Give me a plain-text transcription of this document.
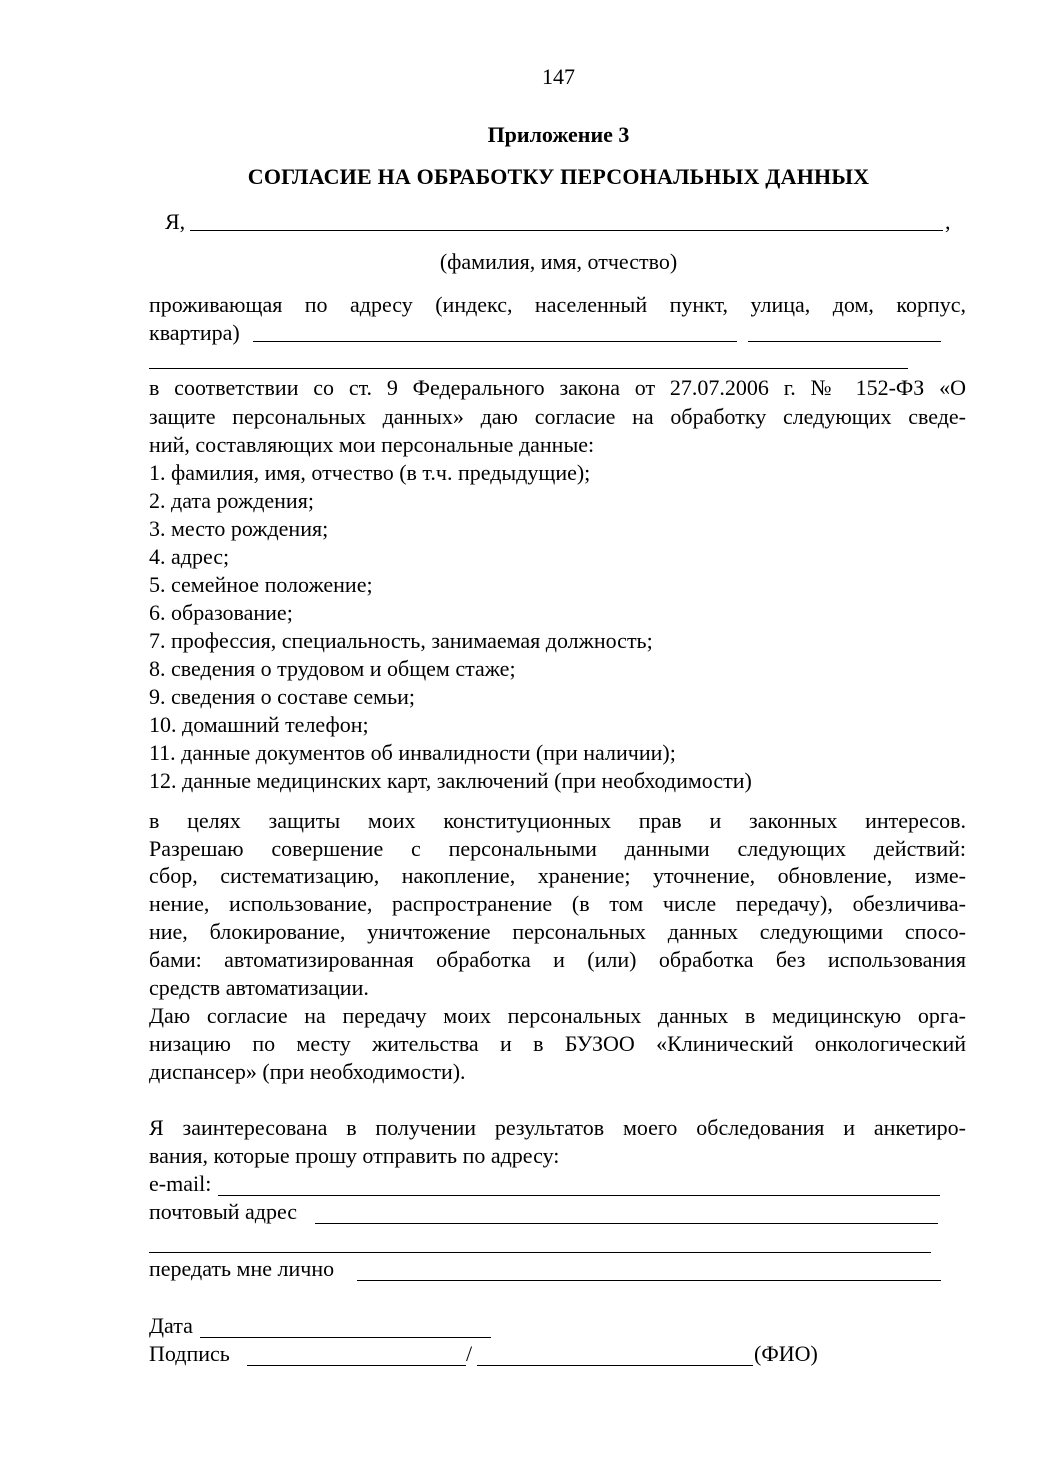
147
Приложение 3
СОГЛАСИЕ НА ОБРАБОТКУ ПЕРСОНАЛЬНЫХ ДАННЫХ
Я,	,
(фамилия, имя, отчество)
проживающая по адресу (индекс, населенный пункт, улица, дом, корпус,
квартира)
в соответствии со ст. 9 Федерального закона от 27.07.2006 г. № 152-ФЗ «О
защите персональных данных» даю согласие на обработку следующих сведе-
ний, составляющих мои персональные данные:
1. фамилия, имя, отчество (в т.ч. предыдущие);
2. дата рождения;
3. место рождения;
4. адрес;
5. семейное положение;
6. образование;
7. профессия, специальность, занимаемая должность;
8. сведения о трудовом и общем стаже;
9. сведения о составе семьи;
10. домашний телефон;
11. данные документов об инвалидности (при наличии);
12. данные медицинских карт, заключений (при необходимости)
в целях защиты моих конституционных прав и законных интересов.
Разрешаю совершение с персональными данными следующих действий:
сбор, систематизацию, накопление, хранение; уточнение, обновление, изме-
нение, использование, распространение (в том числе передачу), обезличива-
ние, блокирование, уничтожение персональных данных следующими спосо-
бами: автоматизированная обработка и (или) обработка без использования
средств автоматизации.
Даю согласие на передачу моих персональных данных в медицинскую орга-
низацию по месту жительства и в БУЗОО «Клинический онкологический
диспансер» (при необходимости).
Я заинтересована в получении результатов моего обследования и анкетиро-
вания, которые прошу отправить по адресу:
e-mail:
почтовый адрес
передать мне лично
Дата
Подпись	/	(ФИО)
